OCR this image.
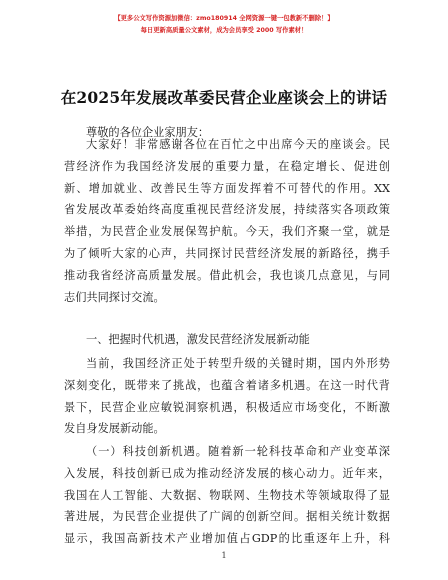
【更多公文写作资源加微信：zmo180914 全网资源一键一包教新不删除！】
每日更新高质量公文素材，成为会员享受 2000 写作素材！
在2025年发展改革委民营企业座谈会上的讲话
尊敬的各位企业家朋友：
大家好！非常感谢各位在百忙之中出席今天的座谈会。民
营经济作为我国经济发展的重要力量，在稳定增长、促进创
新、增加就业、改善民生等方面发挥着不可替代的作用。XX
省发展改革委始终高度重视民营经济发展，持续落实各项政策
举措，为民营企业发展保驾护航。今天，我们齐聚一堂，就是
为了倾听大家的心声，共同探讨民营经济发展的新路径，携手
推动我省经济高质量发展。借此机会，我也谈几点意见，与同
志们共同探讨交流。
一、把握时代机遇，激发民营经济发展新动能
当前，我国经济正处于转型升级的关键时期，国内外形势
深刻变化，既带来了挑战，也蕴含着诸多机遇。在这一时代背
景下，民营企业应敏锐洞察机遇，积极适应市场变化，不断激
发自身发展新动能。
（一）科技创新机遇。随着新一轮科技革命和产业变革深
入发展，科技创新已成为推动经济发展的核心动力。近年来，
我国在人工智能、大数据、物联网、生物技术等领域取得了显
著进展，为民营企业提供了广阔的创新空间。据相关统计数据
显示，我国高新技术产业增加值占GDP的比重逐年上升，科
1
